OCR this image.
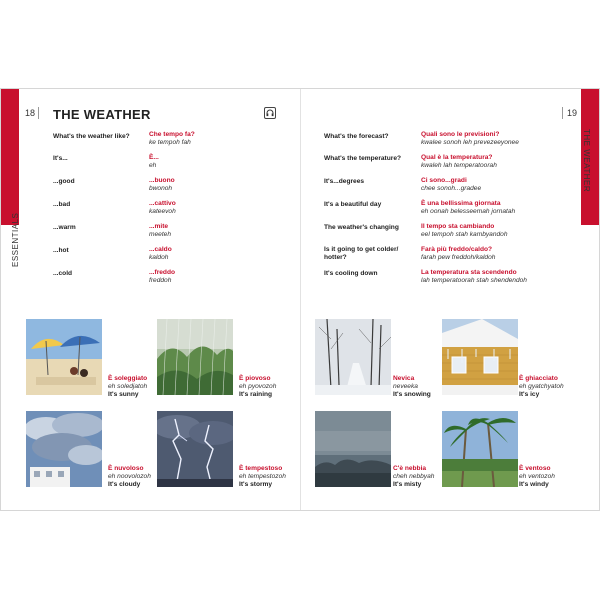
18
ESSENTIALS
THE WEATHER
What's the weather like?	Che tempo fa?
ke tempoh fah
It's...	È...
eh
...good	...buono
bwonoh
...bad	...cattivo
kateevoh
...warm	...mite
meeteh
...hot	...caldo
kaldoh
...cold	...freddo
freddoh
19
THE WEATHER
What's the forecast?	Quali sono le previsioni?
kwalee sonoh leh prevezeeyonee
What's the temperature?	Qual è la temperatura?
kwaleh lah temperatoorah
It's...degrees	Ci sono...gradi
chee sonoh...gradee
It's a beautiful day	È una bellissima giornata
eh oonah belesseemah jornatah
The weather's changing	Il tempo sta cambiando
eel tempoh stah kambyandoh
Is it going to get colder/
hotter?
Farà più freddo/caldo?
farah pew freddoh/kaldoh
It's cooling down	La temperatura sta scendendo
lah temperatoorah stah shendendoh
È soleggiato
eh soledjatoh
It's sunny
È piovoso
eh pyovozoh
It's raining
Nevica
neveeka
It's snowing
È ghiacciato
eh gyatchyatoh
It's icy
È nuvoloso
eh noovolozoh
It's cloudy
È tempestoso
eh tempestozoh
It's stormy
C'è nebbia
cheh nebbyah
It's misty
È ventoso
eh ventozoh
It's windy
